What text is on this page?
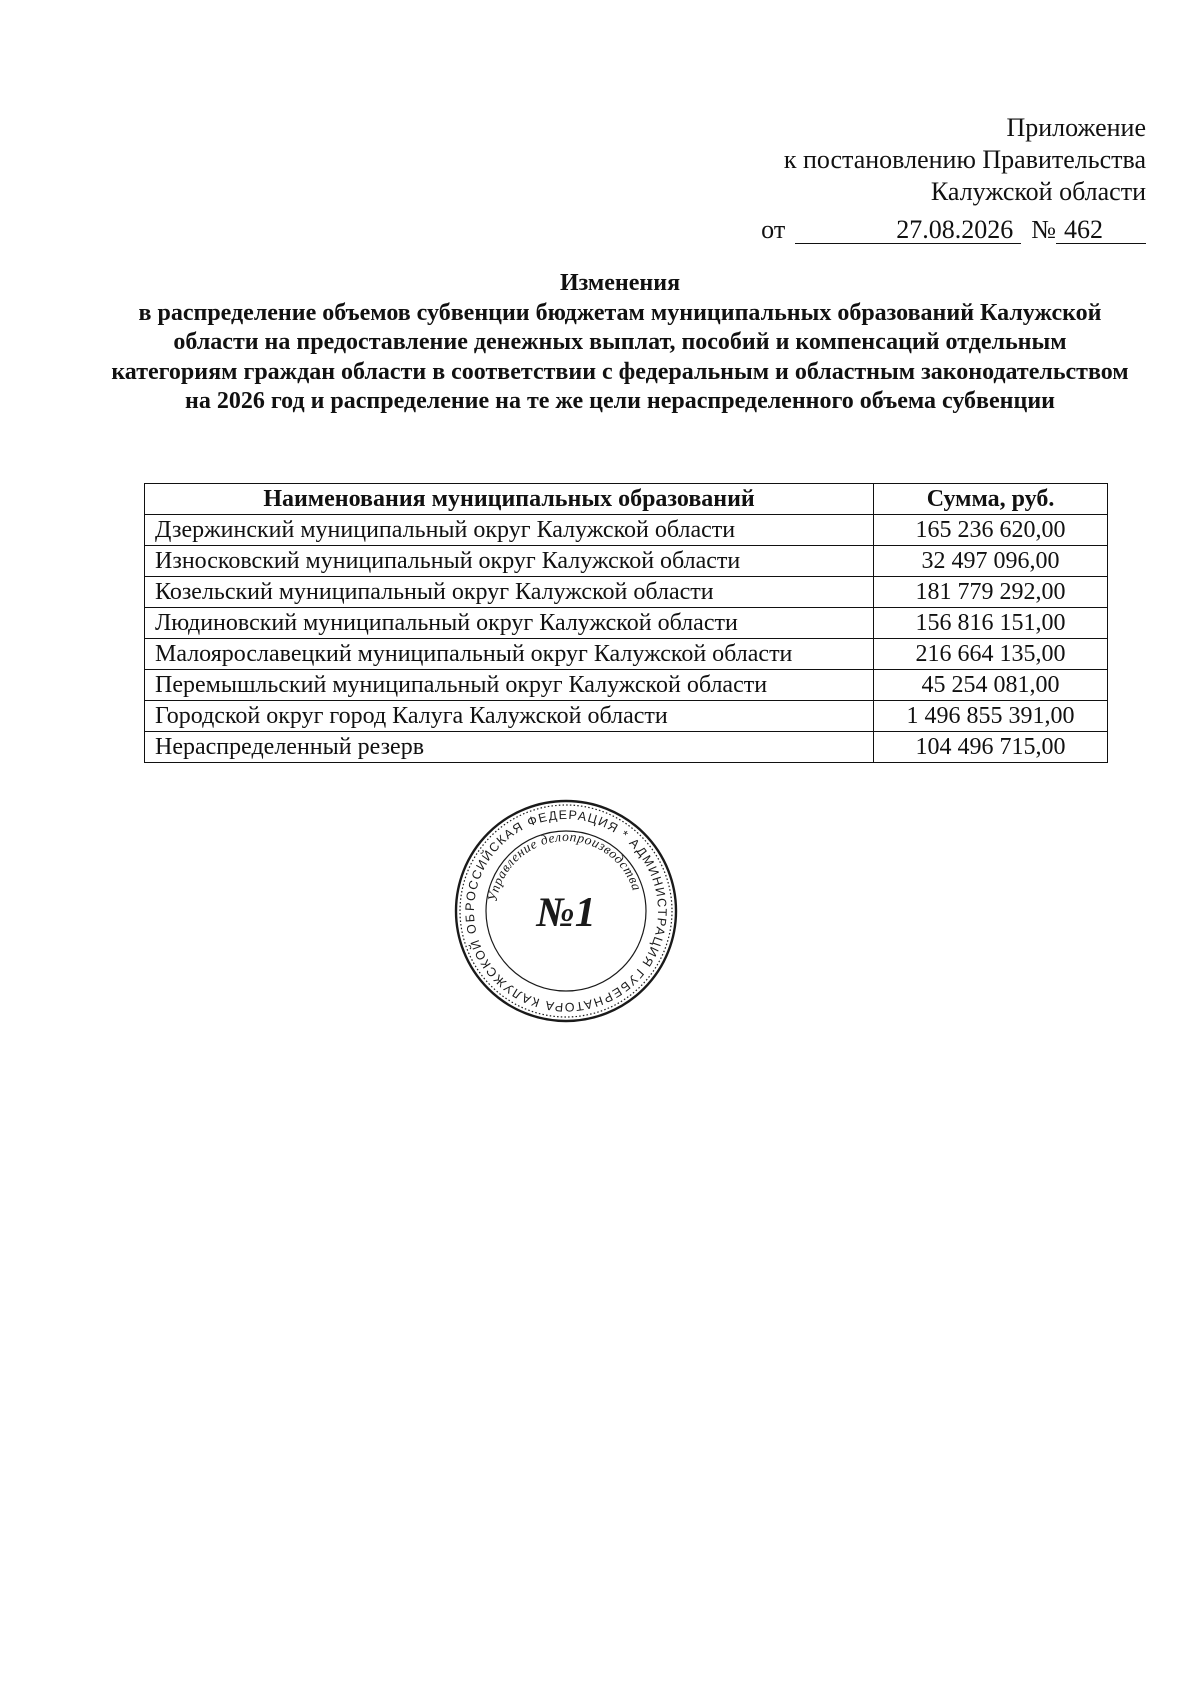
Приложение
к постановлению Правительства
Калужской области
от	27.08.2026 № 462
Изменения
в распределение объемов субвенции бюджетам муниципальных образований Калужской области на предоставление денежных выплат, пособий и компенсаций отдельным категориям граждан области в соответствии с федеральным и областным законодательством на 2026 год и распределение на те же цели нераспределенного объема субвенции
Наименования муниципальных образований	Сумма, руб.
Дзержинский муниципальный округ Калужской области	165 236 620,00
Износковский муниципальный округ Калужской области	32 497 096,00
Козельский муниципальный округ Калужской области	181 779 292,00
Людиновский муниципальный округ Калужской области	156 816 151,00
Малоярославецкий муниципальный округ Калужской области	216 664 135,00
Перемышльский муниципальный округ Калужской области	45 254 081,00
Городской округ город Калуга Калужской области	1 496 855 391,00
Нераспределенный резерв	104 496 715,00
РОССИЙСКАЯ ФЕДЕРАЦИЯ * АДМИНИСТРАЦИЯ ГУБЕРНАТОРА КАЛУЖСКОЙ ОБ
Управление делопроизводства
№1
